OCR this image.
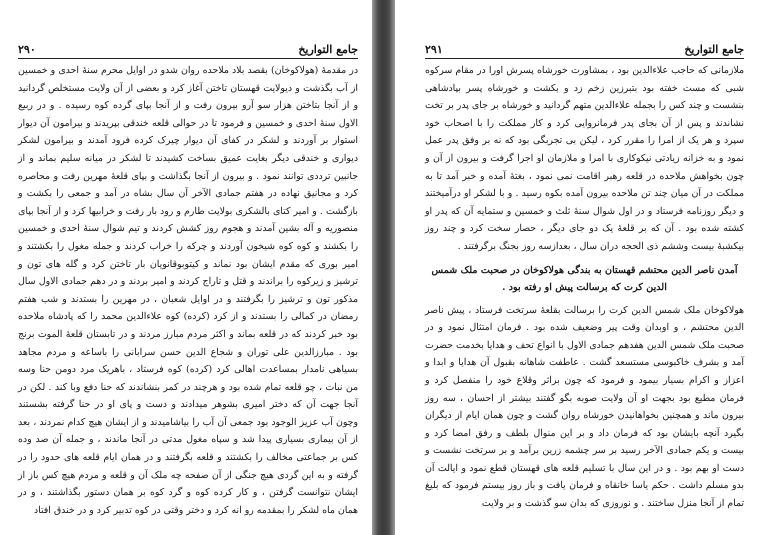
جامع التواریخ
٢٩٠

در مقدمهٔ (هولاکوخان) بقصد بلاد ملاحده روان شدو در اوایل محرم سنهٔ احدی و خمسین از آب بگذشت و دیولایت قهستان تاختن آغاز کرد و بعضی از آن ولایت مستخلص گردانید و از آنجا بتاختن هزار سو آرو بیرون رفت و از آنجا بپای گرده کوه رسیده . و در ربیع الاول سنهٔ احدی و خمسین و فرمود تا در حوالی قلعه خندقی بپریدند و بیرامون آن دیوار استوار بر آوردند و لشکر در کفای آن دیوار چیرک کرده فرود آمدند و بیرامون لشکر دیواری و خندقی دیگر بغایت عمیق بساخت کشیدند تا لشکر در میانه سلیم بماند و از جانبین ترددی توانند نمود . و بیرون از آنجا بگذاشت و بپای قلعهٔ مهرین رفت و محاصره کرد و مجانیق نهاده در هفتم جمادی الآخر آن سال بشاه در آمد و جمعی را بکشت و بازگشت . و امیر کتای بالشکری بولایت طارم و رود بار رفت و خرابیها کرد و از آنجا بپای منصوریه و آله بشین آمدند و هجوم روز کشش کردند و تیم شوال سنهٔ احدی و خمسین را بکشند و کوه کوه شیخون آوردند و چرکه را خراب کردند و جمله مغول را بکشتند و امیر بوری که مقدم ایشان بود نماند و کیتوبوقانویان بار تاختن کرد و گله های تون و ترشیز و زیرکوه را براندند و قتل و تاراج کردند و امیر بردند و در دهم جمادی الاول سال مذکور تون و ترشیز را بگرفتند و در اوایل شعبان ، در مهرین را بستدند و شب هفتم رمضان در کمالی را بستدند و از کرد (کرده) کوه علاءالدین محمد را که پادشاه ملاحده بود خبر کردند که در قلعه بماند و اکثر مردم مبارز مردند و در تابستان قلعهٔ الموت برنج بود . مبارزالدین علی توران و شجاع الدین حسن سرابانی را باساعه و مردم مجاهد بسیاهی نامدار بمساعدت اهالی کرد (کرده) کوه فرستاد ، باهریک مرد دومن حنا وسه من نبات ، چو قلعه تمام شده بود و هرچند در کمر بنشاندند که حنا دفع وبا کند . لکن در آنجا جهت آن که دختر امیری بشوهر میدادند و دست و پای او در حنا گرفته بشستند وچون آب عزیز الوجود بود جمعی آن آب را بیاشامیدند و از ایشان هیچ کدام نمردند ، بعد از آن بیماری بسیاری پیدا شد و سپاه مغول مدتی در آنجا ماندند ، و جمله آن صد وده کس بر جماعتی مخالف را بکشتند و قلعه بگرفتند و در همان ایام قلعه های حدود را در گرفته و به این گردی هیچ جنگی از آن صفحه چه ملک آن و قلعه و مردم هیچ کس باز از ایشان نتوانست گرفتن ، و کار کرده کوه و گرد کوه بر همان دستور بگذاشتند ، و در همان ماه لشکر را بمقدمه رو انه کرد و دختر وقتی در کوه تدبیر کرد و در خندق افتاد

جامع التواریخ
٢٩١

ملازمانی که حاجب علاءالدین بود ، بمشاورت خورشاه پسرش اورا در مقام سرکوه شبی که مست خفته بود بتبرزین زخم زد و بکشت و خورشاه پسر بپادشاهی بنشست و چند کس را بجمله علاءالدین متهم گردانید و خورشاه بر جای پدر بر تخت نشاندند و پس از آن بجای پدر فرمانروایی کرد و کار مملکت را با اصحاب خود سپرد و هر یک از امرا را مقرر کرد ، لیکن بی تجربگی بود که نه بر وفق پدر عمل نمود و به خزانه زیادتی نیکوکاری با امرا و ملازمان او اجرا گرفت و بیرون از آن و چون بخواهش ملاحده در قلعه رهبر اقامت نمی نمود ، بغتهٔ آمده و خبر آمد تا به مملکت در آن میان چند تن ملاحده بیرون آمده بکوه رسید . و با لشکر او درآمیختند و دیگر روزنامه فرستاد و در اول شوال سنهٔ ثلث و خمسین و ستمایه آن که پدر او کشته شده بود . آن که بر قلعهٔ یک دو جای دیگر ، حصار سخت کرد و چند روز بیکشبهٔ بیست وششم ذی الحجه دران سال ، بعدازسه روز بجنگ برگرفتند .

آمدن ناصر الدین محتشم قهستان به بندگی هولاکوخان در صحبت ملک شمس الدین کرت که برسالت پیش او رفته بود .

هولاکوخان ملک شمس الدین کرت را برسالت بقلعهٔ سرتخت فرستاد ، پیش ناصر الدین محتشم ، و اوبدان وقت پیر وضعیف شده بود . فرمان امتثال نمود و در صحبت ملک شمس الدین هفدهم جمادی الاول با انواع تحف و هدایا بخدمت حضرت آمد و بشرف خاکبوسی مستسعد گشت . عاطفت شاهانه بقبول آن هدایا و ابدا و اعزاز و اکرام بسیار بیمود و فرمود که چون براثر وقلاع خود را منفصل کرد و فرمان مطیع بود بجهت او آن ولایت صوبه بگو گفتند بیشتر از احسان ، سه روز بیرون ماند و همچنین بخواهانیدن خورشاه روان گشت و چون همان ایام از دیگران بگیرد آنچه بایشان بود که فرمان داد و بر این منوال بلطف و رفق امضا کرد و بیست و یکم جمادی الآخر رسید بر سر چشمه زرین برآمد و بر سرتخت نشست و دست او بهم بود . و در این سال با تسلیم قلعه های قهستان قطع نمود و ایالت آن بدو مسلم داشت . حکم یاسا خانقاه و فرمان یافت و باز روز بیستم فرمود که بلیغ تمام از آنجا منزل ساختند . و نوروزی که بدان سو گذشت و بر ولایت
